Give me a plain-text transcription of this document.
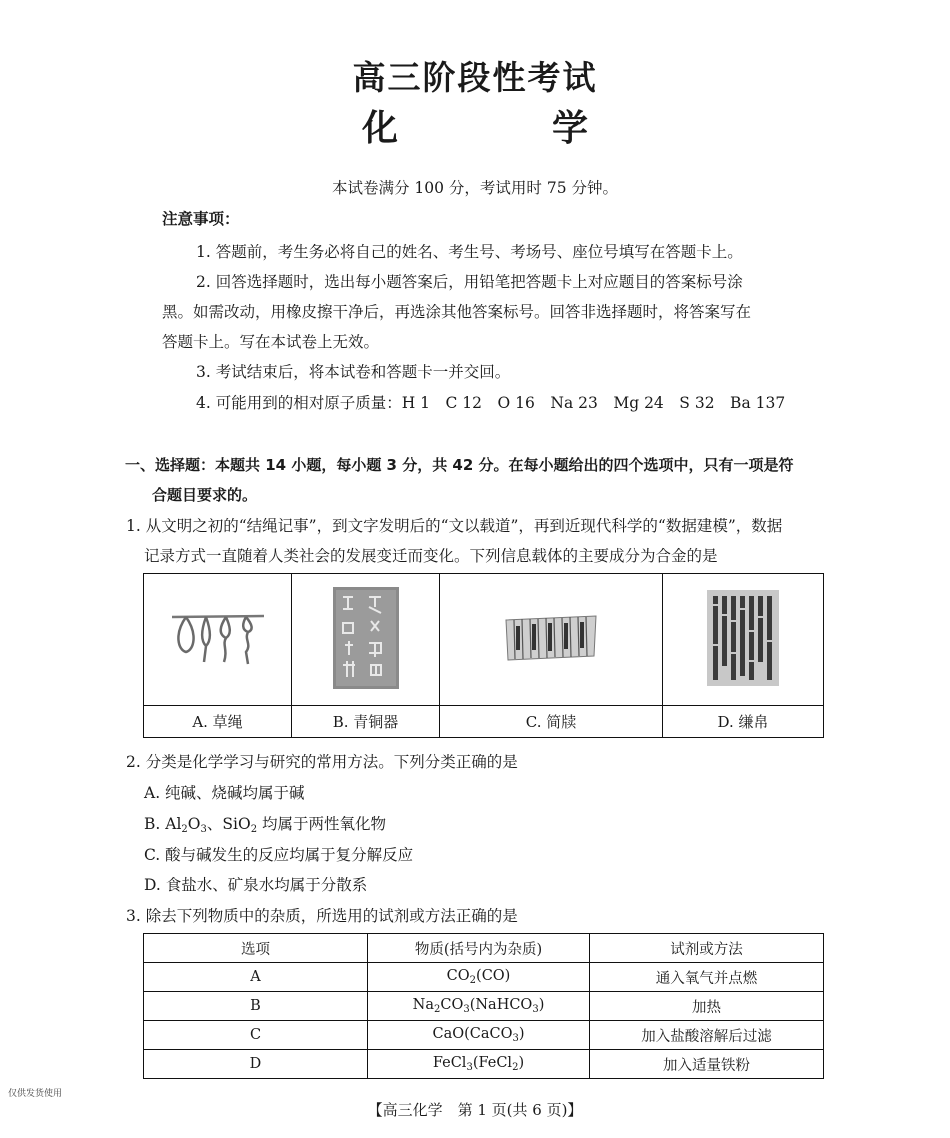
高三阶段性考试
化	学
本试卷满分 100 分，考试用时 75 分钟。
注意事项：
1. 答题前，考生务必将自己的姓名、考生号、考场号、座位号填写在答题卡上。
2. 回答选择题时，选出每小题答案后，用铅笔把答题卡上对应题目的答案标号涂
黑。如需改动，用橡皮擦干净后，再选涂其他答案标号。回答非选择题时，将答案写在
答题卡上。写在本试卷上无效。
3. 考试结束后，将本试卷和答题卡一并交回。
4. 可能用到的相对原子质量：H 1　C 12　O 16　Na 23　Mg 24　S 32　Ba 137
一、选择题：本题共 14 小题，每小题 3 分，共 42 分。在每小题给出的四个选项中，只有一项是符
合题目要求的。
1. 从文明之初的“结绳记事”，到文字发明后的“文以载道”，再到近现代科学的“数据建模”，数据
记录方式一直随着人类社会的发展变迁而变化。下列信息载体的主要成分为合金的是

A. 草绳	B. 青铜器	C. 简牍	D. 缣帛
2. 分类是化学学习与研究的常用方法。下列分类正确的是
A. 纯碱、烧碱均属于碱
B. $Al_2O_3$、SiO$_2$ 均属于两性氧化物
C. 酸与碱发生的反应均属于复分解反应
D. 食盐水、矿泉水均属于分散系
3. 除去下列物质中的杂质，所选用的试剂或方法正确的是
选项	物质(括号内为杂质)	试剂或方法
A	$CO_2(CO)$	通入氧气并点燃
B	$Na_2CO_3(NaHCO_3)$	加热
C	CaO(CaCO$_3$)	加入盐酸溶解后过滤
D	FeCl$_3$(FeCl$_2$)	加入适量铁粉
仅供发货使用
【高三化学　第 1 页(共 6 页)】
